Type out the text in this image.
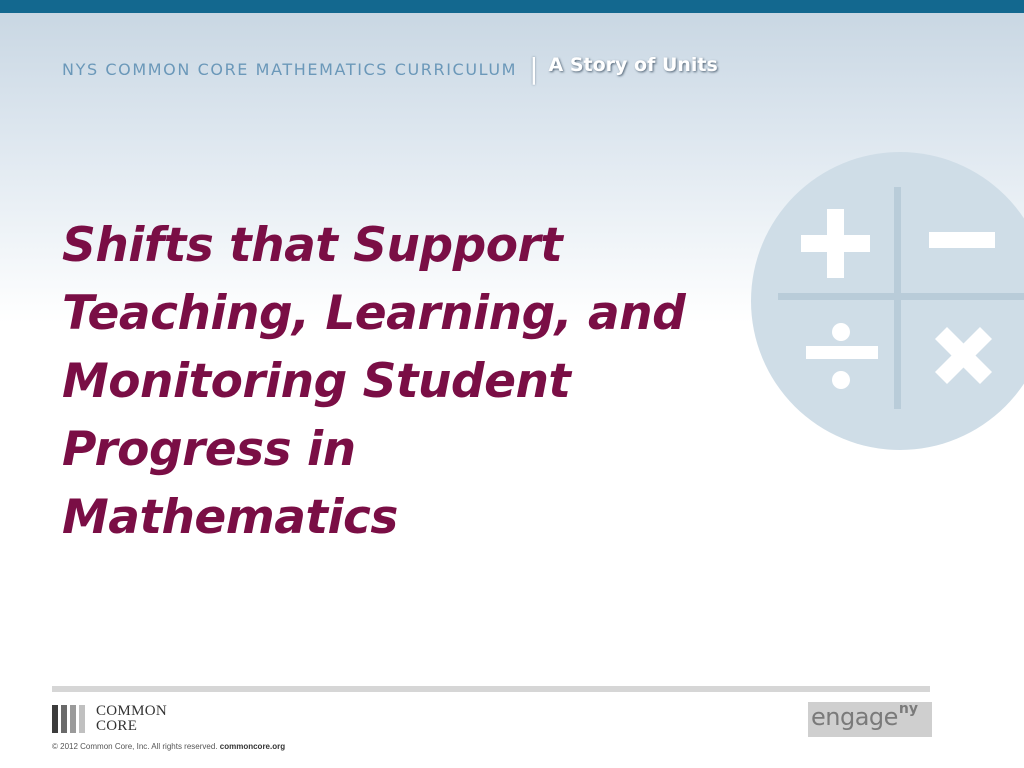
NYS COMMON CORE MATHEMATICS CURRICULUM | A Story of Units
Shifts that Support
Teaching, Learning, and
Monitoring Student
Progress in
Mathematics
COMMON
CORE
© 2012 Common Core, Inc. All rights reserved. commoncore.org
engage ny
